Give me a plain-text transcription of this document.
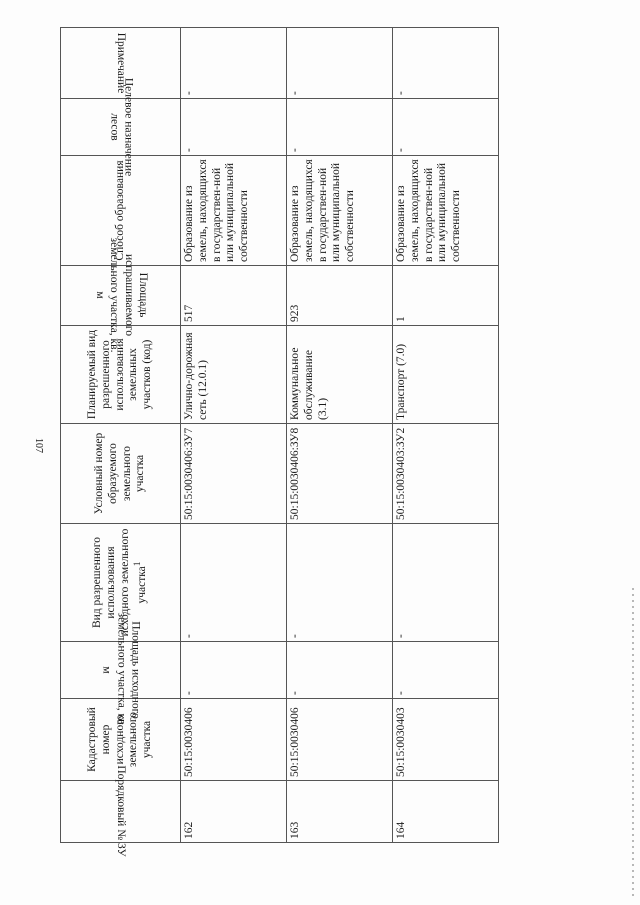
107
Порядковый № ЗУ	Кадастровый номер исходного земельного участка	Площадь исходного земельного участка, кв. м	Вид разрешенного использования исходного земельного участка$^1$	Условный номер образуемого земельного участка	Планируемый вид разрешенного использования земельных участков (код)	Площадь испрашиваемого земельного участка, кв. м	Способ образования	Целевое назначение лесов	Примечание

162	50:15:0030406	-	-	50:15:0030406:ЗУ7	Улично-дорожная сеть (12.0.1)	517	Образование из земель, находящихся в государствен-ной или муниципальной собственности	-	-
163	50:15:0030406	-	-	50:15:0030406:ЗУ8	Коммунальное обслуживание (3.1)	923	Образование из земель, находящихся в государствен-ной или муниципальной собственности	-	-
164	50:15:0030403	-	-	50:15:0030403:ЗУ2	Транспорт (7.0)	1	Образование из земель, находящихся в государствен-ной или муниципальной собственности	-	-
